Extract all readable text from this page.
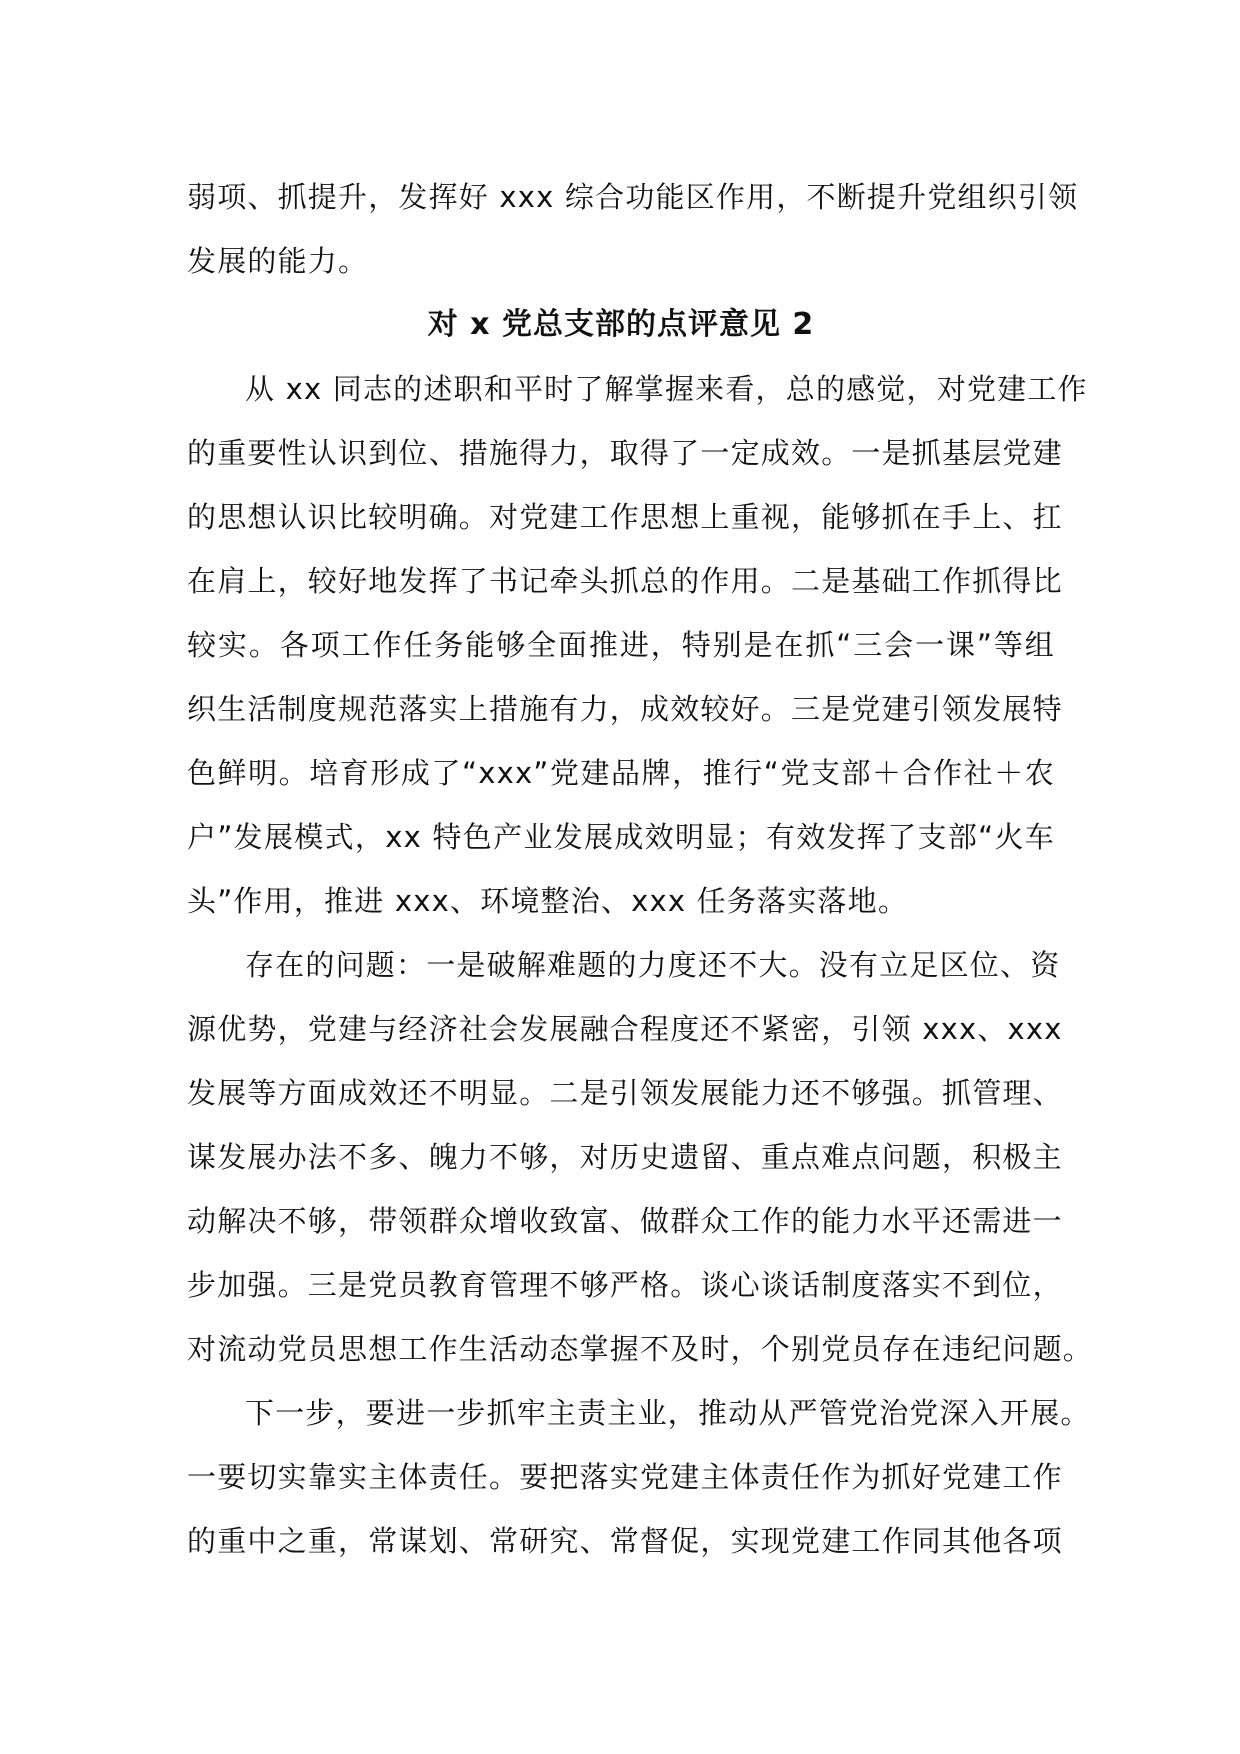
弱项、抓提升，发挥好 xxx 综合功能区作用，不断提升党组织引领
发展的能力。
对 x 党总支部的点评意见 2
从 xx 同志的述职和平时了解掌握来看，总的感觉，对党建工作
的重要性认识到位、措施得力，取得了一定成效。一是抓基层党建
的思想认识比较明确。对党建工作思想上重视，能够抓在手上、扛
在肩上，较好地发挥了书记牵头抓总的作用。二是基础工作抓得比
较实。各项工作任务能够全面推进，特别是在抓“三会一课”等组
织生活制度规范落实上措施有力，成效较好。三是党建引领发展特
色鲜明。培育形成了“xxx”党建品牌，推行“党支部＋合作社＋农
户”发展模式，xx 特色产业发展成效明显；有效发挥了支部“火车
头”作用，推进 xxx、环境整治、xxx 任务落实落地。
存在的问题：一是破解难题的力度还不大。没有立足区位、资
源优势，党建与经济社会发展融合程度还不紧密，引领 xxx、xxx
发展等方面成效还不明显。二是引领发展能力还不够强。抓管理、
谋发展办法不多、魄力不够，对历史遗留、重点难点问题，积极主
动解决不够，带领群众增收致富、做群众工作的能力水平还需进一
步加强。三是党员教育管理不够严格。谈心谈话制度落实不到位，
对流动党员思想工作生活动态掌握不及时，个别党员存在违纪问题。
下一步，要进一步抓牢主责主业，推动从严管党治党深入开展。
一要切实靠实主体责任。要把落实党建主体责任作为抓好党建工作
的重中之重，常谋划、常研究、常督促，实现党建工作同其他各项
